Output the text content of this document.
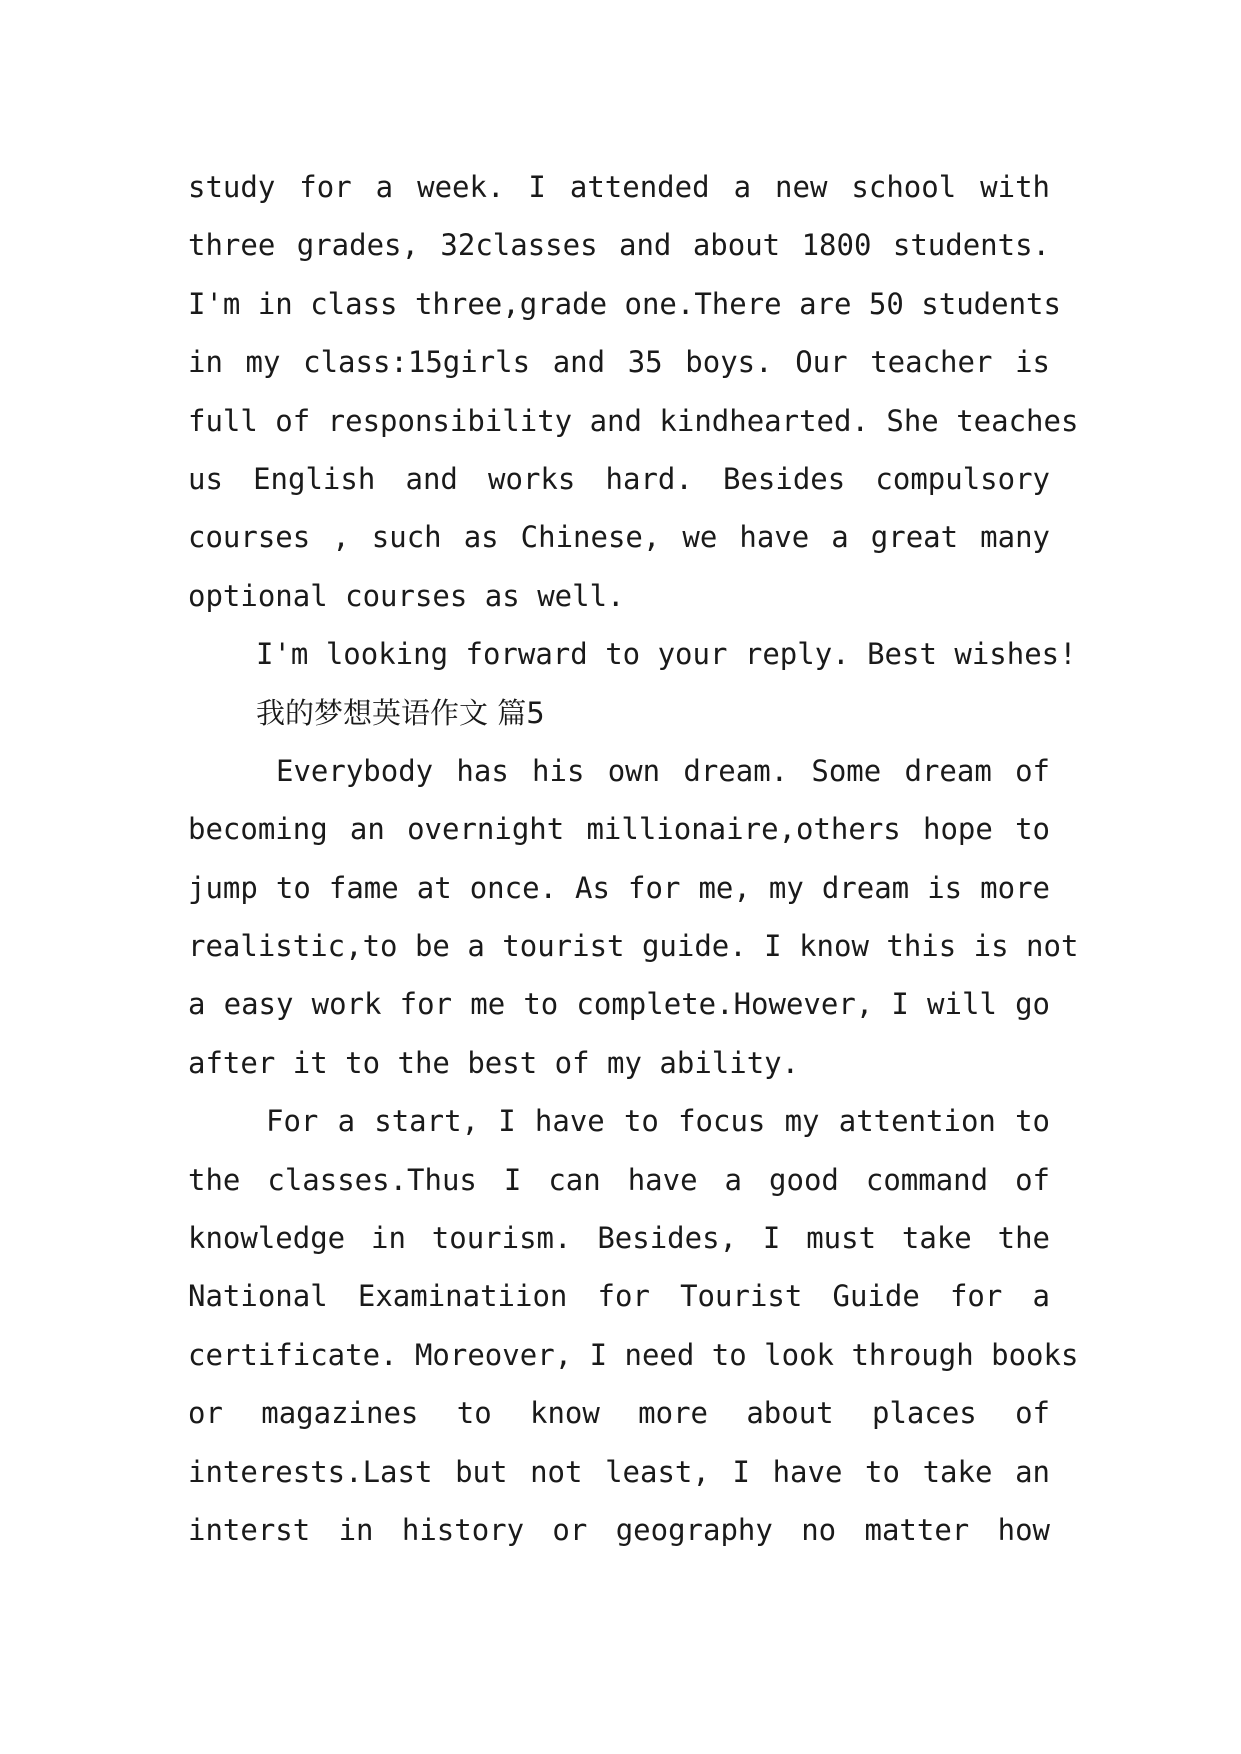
study for a week. I attended a new school with
three grades, 32classes and about 1800 students.
I'm in class three,grade one.There are 50 students
in my class:15girls and 35 boys. Our teacher is
full of responsibility and kindhearted. She teaches
us English and works hard. Besides compulsory
courses , such as Chinese, we have a great many
optional courses as well.
I'm looking forward to your reply. Best wishes!
我的梦想英语作文 篇5
Everybody has his own dream. Some dream of
becoming an overnight millionaire,others hope to
jump to fame at once. As for me, my dream is more
realistic,to be a tourist guide. I know this is not
a easy work for me to complete.However, I will go
after it to the best of my ability.
For a start, I have to focus my attention to
the classes.Thus I can have a good command of
knowledge in tourism. Besides, I must take the
National Examinatiion for Tourist Guide for a
certificate. Moreover, I need to look through books
or magazines to know more about places of
interests.Last but not least, I have to take an
interst in history or geography no matter how
